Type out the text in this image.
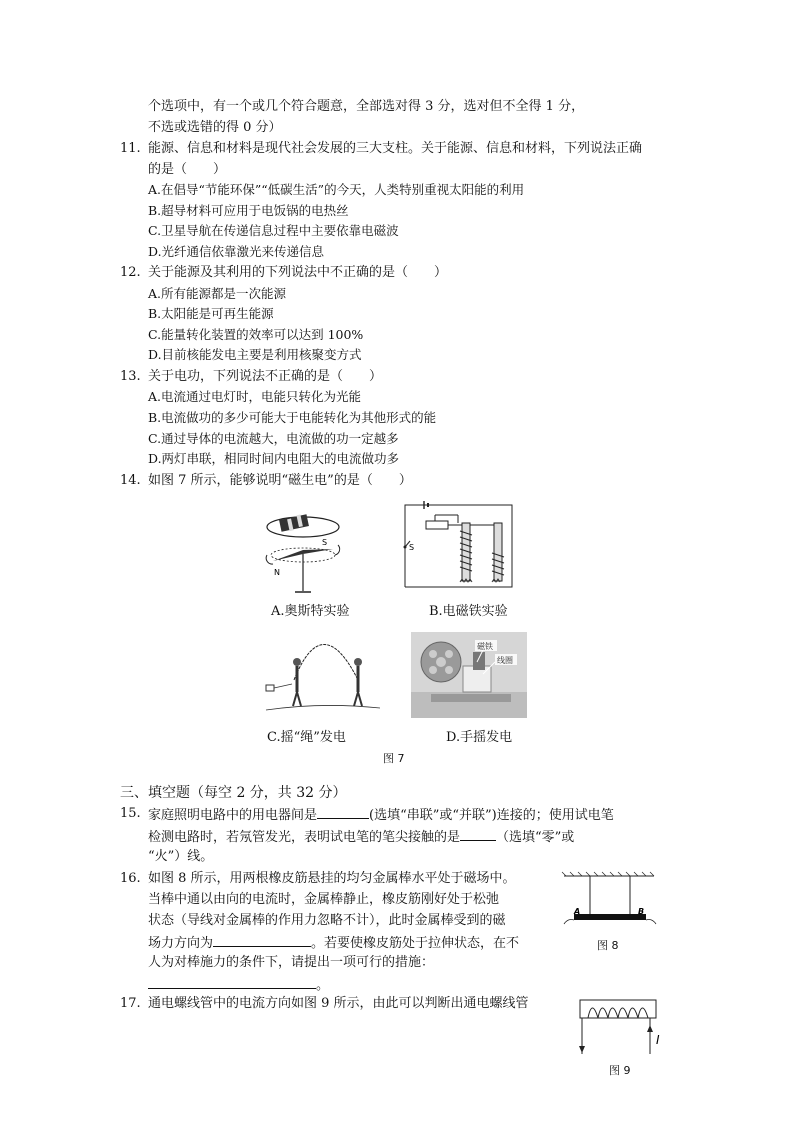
个选项中，有一个或几个符合题意，全部选对得 3 分，选对但不全得 1 分，
不选或选错的得 0 分）
11. 能源、信息和材料是现代社会发展的三大支柱。关于能源、信息和材料，下列说法正确
的是（　　）
A.在倡导“节能环保”“低碳生活”的今天，人类特别重视太阳能的利用
B.超导材料可应用于电饭锅的电热丝
C.卫星导航在传递信息过程中主要依靠电磁波
D.光纤通信依靠激光来传递信息
12. 关于能源及其利用的下列说法中不正确的是（　　）
A.所有能源都是一次能源
B.太阳能是可再生能源
C.能量转化装置的效率可以达到 100%
D.目前核能发电主要是利用核聚变方式
13. 关于电功，下列说法不正确的是（　　）
A.电流通过电灯时，电能只转化为光能
B.电流做功的多少可能大于电能转化为其他形式的能
C.通过导体的电流越大，电流做的功一定越多
D.两灯串联，相同时间内电阻大的电流做功多
14. 如图 7 所示，能够说明“磁生电”的是（　　）
S
N
A.奥斯特实验
S
B.电磁铁实验
C.摇“绳”发电
磁铁
线圈
D.手摇发电
图 7
三、填空题（每空 2 分，共 32 分）
15. 家庭照明电路中的用电器间是	(选填“串联”或“并联”)连接的；使用试电笔
检测电路时，若氖管发光，表明试电笔的笔尖接触的是	（选填“零”或
“火”）线。
16. 如图 8 所示，用两根橡皮筋悬挂的均匀金属棒水平处于磁场中。
当棒中通以由向的电流时，金属棒静止，橡皮筋刚好处于松弛
状态（导线对金属棒的作用力忽略不计），此时金属棒受到的磁
场力方向为	。若要使橡皮筋处于拉伸状态，在不
人为对棒施力的条件下，请提出一项可行的措施：
。
A	B
图 8
17. 通电螺线管中的电流方向如图 9 所示，由此可以判断出通电螺线管
I
图 9
